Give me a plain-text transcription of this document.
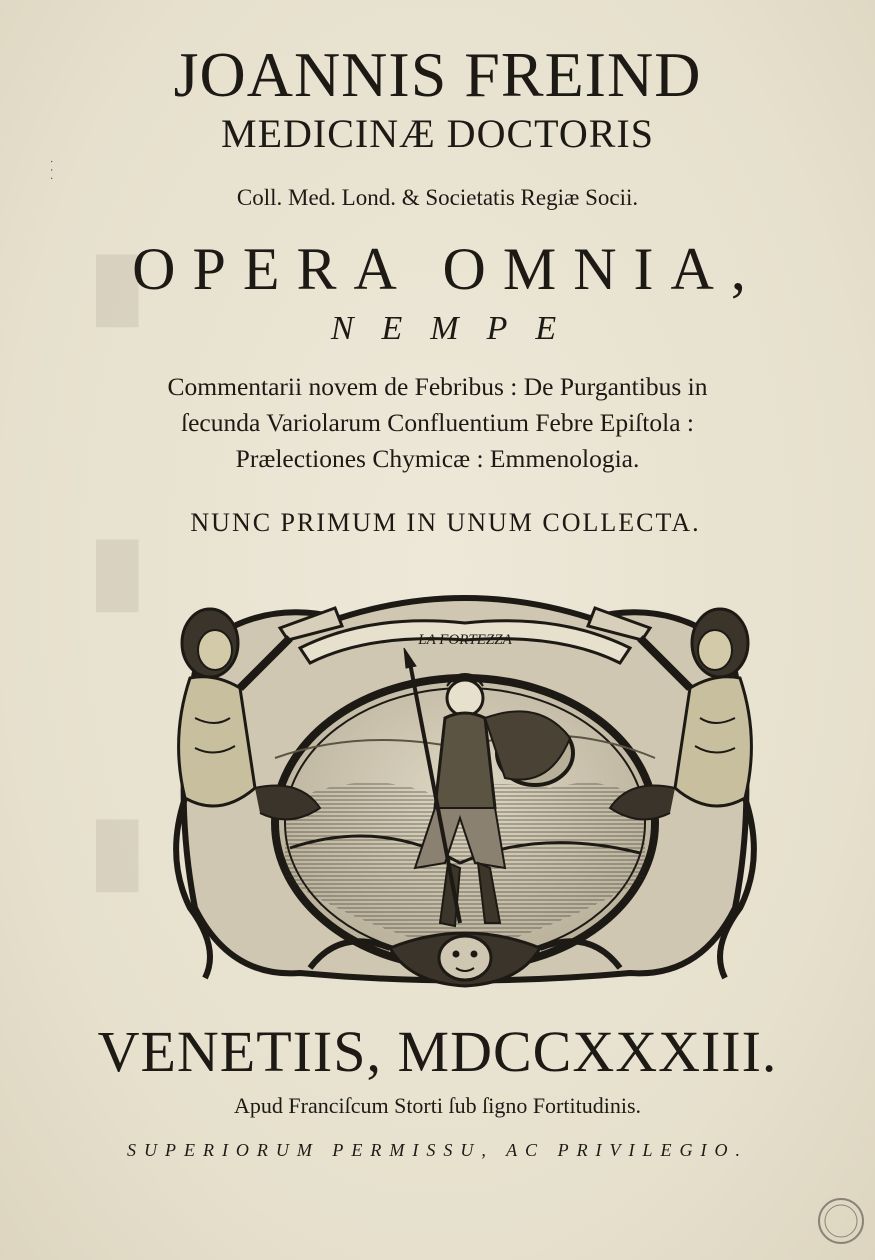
█
█
█
· · ·
JOANNIS FREIND
MEDICINÆ DOCTORIS
Coll. Med. Lond. & Societatis Regiæ Socii.
OPERA OMNIA,
NEMPE
Commentarii novem de Febribus : De Purgantibus in
ſecunda Variolarum Confluentium Febre Epiſtola :
Prælectiones Chymicæ : Emmenologia.
NUNC PRIMUM IN UNUM COLLECTA.
LA FORTEZZA
VENETIIS, MDCCXXXIII.
Apud Franciſcum Storti ſub ſigno Fortitudinis.
SUPERIORUM PERMISSU, AC PRIVILEGIO.
